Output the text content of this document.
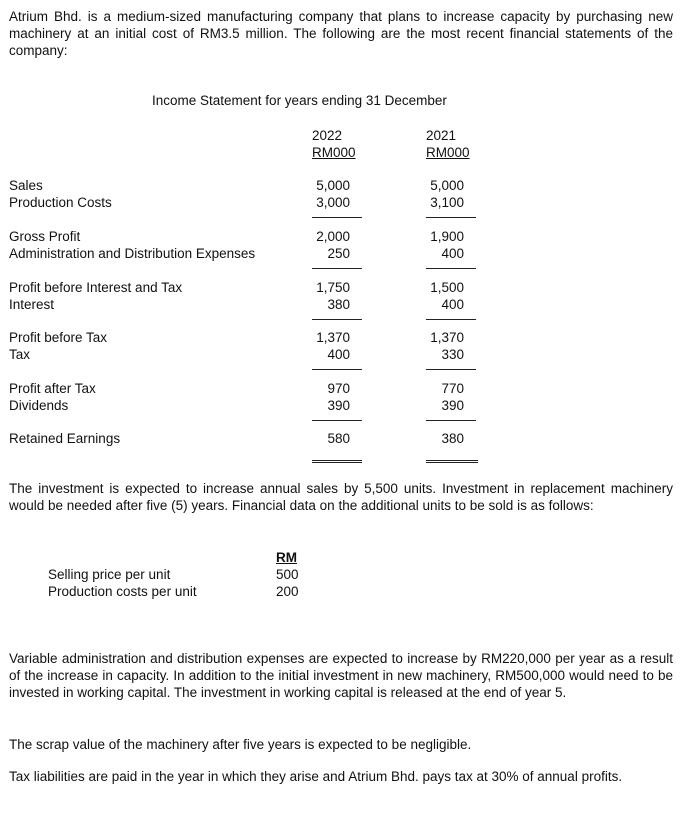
Atrium Bhd. is a medium-sized manufacturing company that plans to increase capacity by purchasing new machinery at an initial cost of RM3.5 million. The following are the most recent financial statements of the company:

Income Statement for years ending 31 December
2022
RM000
2021
RM000
Sales	5,000	5,000
Production Costs	3,000	3,100
Gross Profit	2,000	1,900
Administration and Distribution Expenses	250	400
Profit before Interest and Tax	1,750	1,500
Interest	380	400
Profit before Tax	1,370	1,370
Tax	400	330
Profit after Tax	970	770
Dividends	390	390
Retained Earnings	580	380

The investment is expected to increase annual sales by 5,500 units. Investment in replacement machinery would be needed after five (5) years. Financial data on the additional units to be sold is as follows:

RM
Selling price per unit	500
Production costs per unit	200

Variable administration and distribution expenses are expected to increase by RM220,000 per year as a result of the increase in capacity. In addition to the initial investment in new machinery, RM500,000 would need to be invested in working capital. The investment in working capital is released at the end of year 5.

The scrap value of the machinery after five years is expected to be negligible.

Tax liabilities are paid in the year in which they arise and Atrium Bhd. pays tax at 30% of annual profits.
